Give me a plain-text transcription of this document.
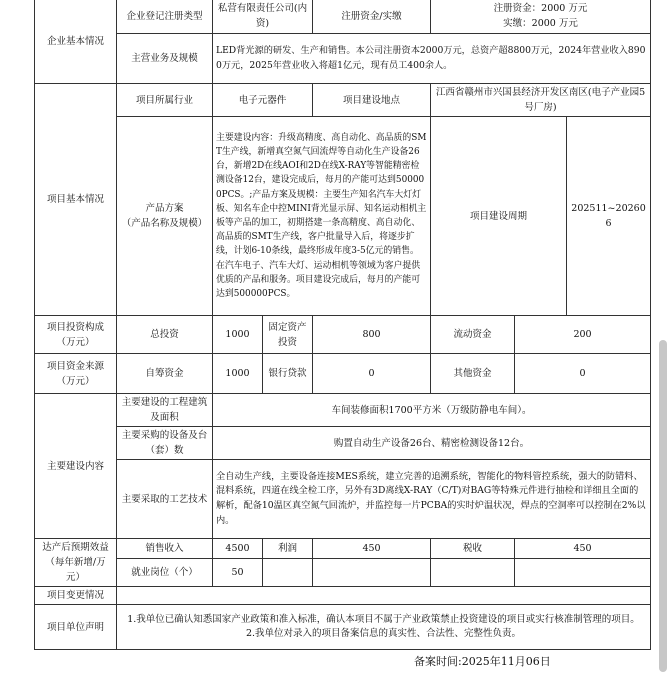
企业基本情况	企业登记注册类型	私营有限责任公司(内资)		注册资金/实缴	注册资金：2000 万元
实缴：2000 万元		

	主营业务及规模	LED背光源的研发、生产和销售。本公司注册资本2000万元，总资产超8800万元，2024年营业收入8900万元，2025年营业收入将超1亿元，现有员工400余人。					
项目基本情况	项目所属行业	电子元器件		项目建设地点	江西省赣州市兴国县经济开发区南区(电子产业园5号厂房)		

	产品方案
（产品名称及规模）	主要建设内容：升级高精度、高自动化、高品质的SMT生产线，新增真空氮气回流焊等自动化生产设备26台，新增2D在线AOI和2D在线X-RAY等智能精密检测设备12台，建设完成后，每月的产能可达到500000PCS。;产品方案及规模：主要生产知名汽车大灯灯板、知名车企中控MINI背光显示屏、知名运动相机主板等产品的加工，初期搭建一条高精度、高自动化、高品质的SMT生产线，客户批量导入后，将逐步扩线，计划6-10条线，最终形成年度3-5亿元的销售。在汽车电子、汽车大灯、运动相机等领域为客户提供优质的产品和服务。项目建设完成后，每月的产能可达到500000PCS。			项目建设周期		202511~202606

项目投资构成
（万元）	总投资	1000	固定资产投资	800	流动资金	200	

项目资金来源
（万元）	自筹资金	1000	银行贷款	0	其他资金	0	
主要建设内容	主要建设的工程建筑及面积	车间装修面积1700平方米（万级防静电车间）。					
	主要采购的设备及台（套）数	购置自动生产设备26台、精密检测设备12台。					
	主要采取的工艺技术	全自动生产线，主要设备连接MES系统，建立完善的追溯系统，智能化的物料管控系统，强大的防错料、混料系统，四道在线全检工序，另外有3D离线X-RAY（C/T)对BAG等特殊元件进行抽检和详细且全面的解析，配备10温区真空氮气回流炉，并监控每一片PCBA的实时炉温状况，焊点的空洞率可以控制在2%以内。					

达产后预期效益
（每年新增/万
元）	销售收入	4500	利润	450	税收	450	
	就业岗位（个）	50					
项目变更情况							
项目单位声明	1.我单位已确认知悉国家产业政策和准入标准，确认本项目不属于产业政策禁止投资建设的项目或实行核准制管理的项目。
2.我单位对录入的项目备案信息的真实性、合法性、完整性负责。						
备案时间:2025年11月06日
